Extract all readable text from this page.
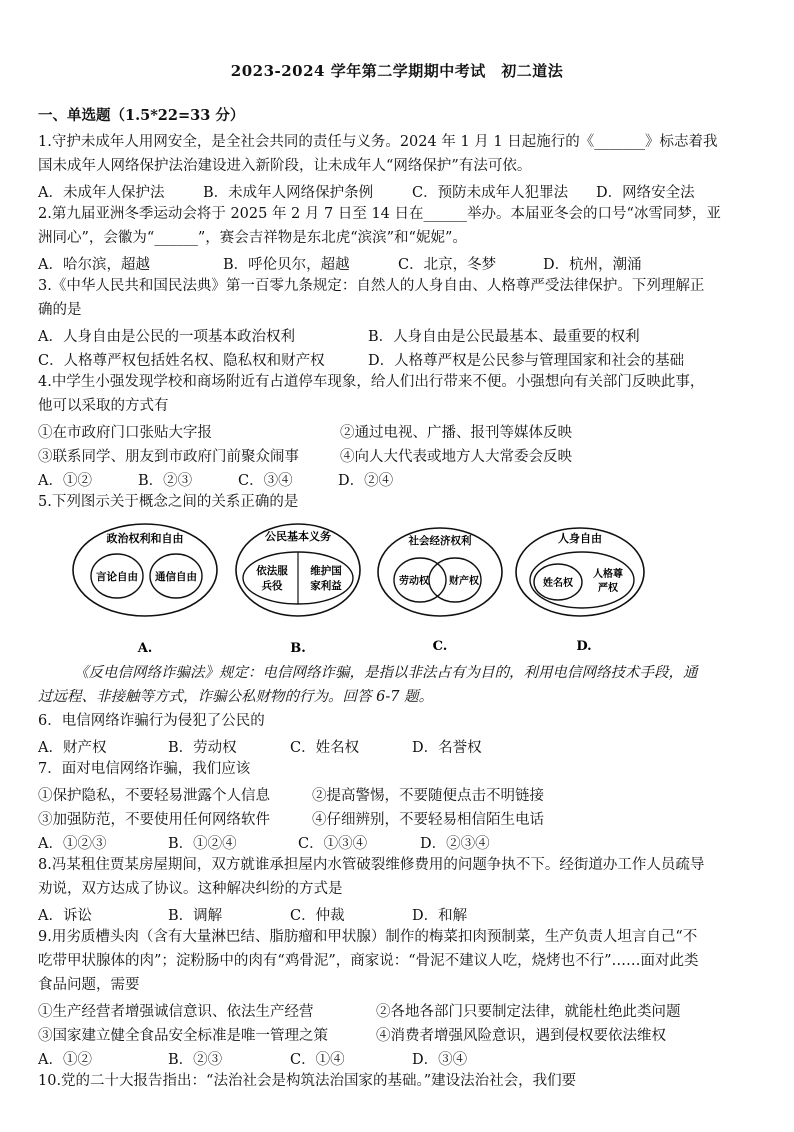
2023-2024 学年第二学期期中考试　初二道法
一、单选题（1.5*22=33 分）
1.守护未成年人用网安全，是全社会共同的责任与义务。2024 年 1 月 1 日起施行的《_______》标志着我
国未成年人网络保护法治建设进入新阶段，让未成年人“网络保护”有法可依。
A．未成年人保护法	B．未成年人网络保护条例	C．预防未成年人犯罪法 D．网络安全法
2.第九届亚洲冬季运动会将于 2025 年 2 月 7 日至 14 日在______举办。本届亚冬会的口号“冰雪同梦，亚
洲同心”，会徽为“______”，赛会吉祥物是东北虎“滨滨”和“妮妮”。
A．哈尔滨，超越	B．呼伦贝尔，超越	C．北京，冬梦	D．杭州，潮涌
3.《中华人民共和国民法典》第一百零九条规定：自然人的人身自由、人格尊严受法律保护。下列理解正
确的是
A．人身自由是公民的一项基本政治权利	B．人身自由是公民最基本、最重要的权利
C．人格尊严权包括姓名权、隐私权和财产权	D．人格尊严权是公民参与管理国家和社会的基础
4.中学生小强发现学校和商场附近有占道停车现象，给人们出行带来不便。小强想向有关部门反映此事，
他可以采取的方式有
①在市政府门口张贴大字报	②通过电视、广播、报刊等媒体反映
③联系同学、朋友到市政府门前聚众闹事	④向人大代表或地方人大常委会反映
A．①②	B．②③	C．③④	D．②④
5.下列图示关于概念之间的关系正确的是
政治权利和自由
言论自由 通信自由
A.
公民基本义务
依法服
兵役
维护国
家利益
B.
社会经济权利
劳动权 财产权
C.
人身自由
姓名权
人格尊
严权
D.
《反电信网络诈骗法》规定：电信网络诈骗，是指以非法占有为目的，利用电信网络技术手段，通
过远程、非接触等方式，诈骗公私财物的行为。回答 6-7 题。
6．电信网络诈骗行为侵犯了公民的
A．财产权	B．劳动权	C．姓名权	D．名誉权
7．面对电信网络诈骗，我们应该
①保护隐私，不要轻易泄露个人信息	②提高警惕，不要随便点击不明链接
③加强防范，不要使用任何网络软件	④仔细辨别，不要轻易相信陌生电话
A．①②③	B．①②④	C．①③④	D．②③④
8.冯某租住贾某房屋期间，双方就谁承担屋内水管破裂维修费用的问题争执不下。经街道办工作人员疏导
劝说，双方达成了协议。这种解决纠纷的方式是
A．诉讼	B．调解	C．仲裁	D．和解
9.用劣质槽头肉（含有大量淋巴结、脂肪瘤和甲状腺）制作的梅菜扣肉预制菜，生产负责人坦言自己“不
吃带甲状腺体的肉”；淀粉肠中的肉有“鸡骨泥”，商家说：“骨泥不建议人吃，烧烤也不行”……面对此类
食品问题，需要
①生产经营者增强诚信意识、依法生产经营	②各地各部门只要制定法律，就能杜绝此类问题
③国家建立健全食品安全标准是唯一管理之策	④消费者增强风险意识，遇到侵权要依法维权
A．①②	B．②③	C．①④	D．③④
10.党的二十大报告指出：“法治社会是构筑法治国家的基础。”建设法治社会，我们要
